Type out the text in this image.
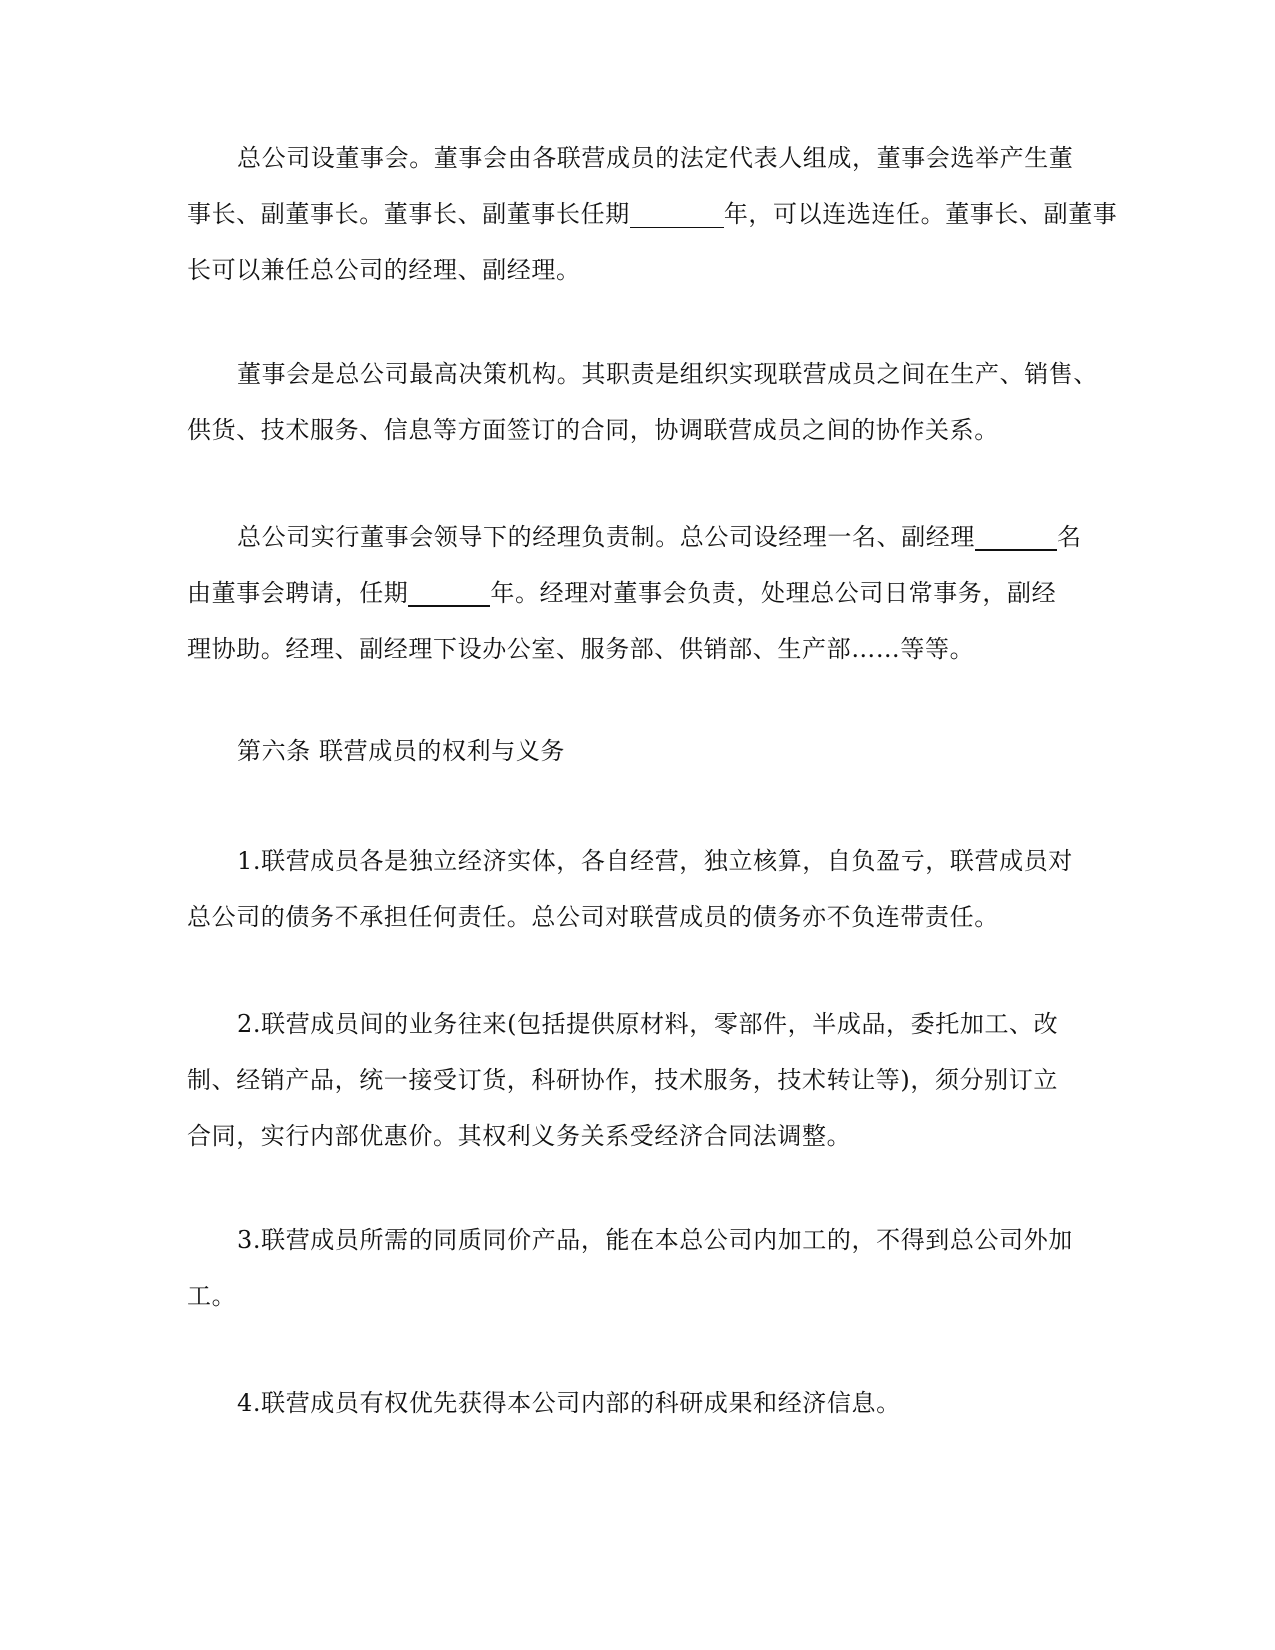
总公司设董事会。董事会由各联营成员的法定代表人组成，董事会选举产生董
事长、副董事长。董事长、副董事长任期	年，可以连选连任。董事长、副董事
长可以兼任总公司的经理、副经理。
董事会是总公司最高决策机构。其职责是组织实现联营成员之间在生产、销售、
供货、技术服务、信息等方面签订的合同，协调联营成员之间的协作关系。
总公司实行董事会领导下的经理负责制。总公司设经理一名、副经理	名
由董事会聘请，任期	年。经理对董事会负责，处理总公司日常事务，副经
理协助。经理、副经理下设办公室、服务部、供销部、生产部……等等。
第六条 联营成员的权利与义务
1.联营成员各是独立经济实体，各自经营，独立核算，自负盈亏，联营成员对
总公司的债务不承担任何责任。总公司对联营成员的债务亦不负连带责任。
2.联营成员间的业务往来(包括提供原材料，零部件，半成品，委托加工、改
制、经销产品，统一接受订货，科研协作，技术服务，技术转让等)，须分别订立
合同，实行内部优惠价。其权利义务关系受经济合同法调整。
3.联营成员所需的同质同价产品，能在本总公司内加工的，不得到总公司外加
工。
4.联营成员有权优先获得本公司内部的科研成果和经济信息。
